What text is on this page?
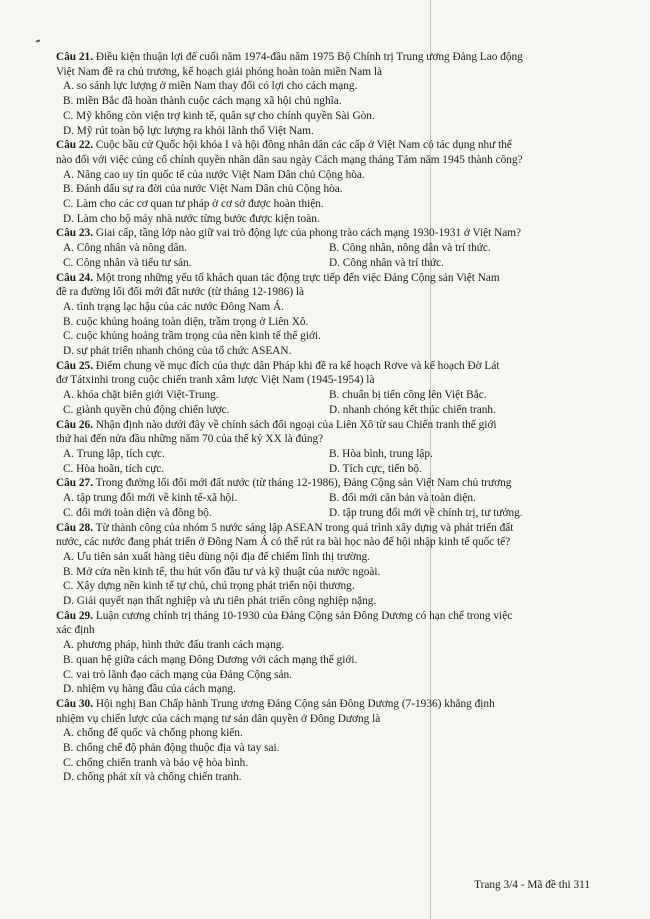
Câu 21. Điều kiện thuận lợi để cuối năm 1974-đầu năm 1975 Bộ Chính trị Trung ương Đảng Lao động
Việt Nam đề ra chủ trương, kế hoạch giải phóng hoàn toàn miền Nam là
A. so sánh lực lượng ở miền Nam thay đổi có lợi cho cách mạng.
B. miền Bắc đã hoàn thành cuộc cách mạng xã hội chủ nghĩa.
C. Mỹ không còn viện trợ kinh tế, quân sự cho chính quyền Sài Gòn.
D. Mỹ rút toàn bộ lực lượng ra khỏi lãnh thổ Việt Nam.
Câu 22. Cuộc bầu cử Quốc hội khóa I và hội đồng nhân dân các cấp ở Việt Nam có tác dụng như thế
nào đối với việc củng cố chính quyền nhân dân sau ngày Cách mạng tháng Tám năm 1945 thành công?
A. Nâng cao uy tín quốc tế của nước Việt Nam Dân chủ Cộng hòa.
B. Đánh dấu sự ra đời của nước Việt Nam Dân chủ Cộng hòa.
C. Làm cho các cơ quan tư pháp ở cơ sở được hoàn thiện.
D. Làm cho bộ máy nhà nước từng bước được kiện toàn.
Câu 23. Giai cấp, tầng lớp nào giữ vai trò động lực của phong trào cách mạng 1930-1931 ở Việt Nam?
A. Công nhân và nông dân.	B. Công nhân, nông dân và trí thức.
C. Công nhân và tiểu tư sản.	D. Công nhân và trí thức.
Câu 24. Một trong những yếu tố khách quan tác động trực tiếp đến việc Đảng Cộng sản Việt Nam
đề ra đường lối đổi mới đất nước (từ tháng 12-1986) là
A. tình trạng lạc hậu của các nước Đông Nam Á.
B. cuộc khủng hoảng toàn diện, trầm trọng ở Liên Xô.
C. cuộc khủng hoảng trầm trọng của nền kinh tế thế giới.
D. sự phát triển nhanh chóng của tổ chức ASEAN.
Câu 25. Điểm chung về mục đích của thực dân Pháp khi đề ra kế hoạch Rơve và kế hoạch Đờ Lát
đơ Tátxinhi trong cuộc chiến tranh xâm lược Việt Nam (1945-1954) là
A. khóa chặt biên giới Việt-Trung.	B. chuẩn bị tiến công lên Việt Bắc.
C. giành quyền chủ động chiến lược.	D. nhanh chóng kết thúc chiến tranh.
Câu 26. Nhận định nào dưới đây về chính sách đối ngoại của Liên Xô từ sau Chiến tranh thế giới
thứ hai đến nửa đầu những năm 70 của thế kỷ XX là đúng?
A. Trung lập, tích cực.	B. Hòa bình, trung lập.
C. Hòa hoãn, tích cực.	D. Tích cực, tiến bộ.
Câu 27. Trong đường lối đổi mới đất nước (từ tháng 12-1986), Đảng Cộng sản Việt Nam chủ trương
A. tập trung đổi mới về kinh tế-xã hội.	B. đổi mới căn bản và toàn diện.
C. đổi mới toàn diện và đồng bộ.	D. tập trung đổi mới về chính trị, tư tưởng.
Câu 28. Từ thành công của nhóm 5 nước sáng lập ASEAN trong quá trình xây dựng và phát triển đất
nước, các nước đang phát triển ở Đông Nam Á có thể rút ra bài học nào để hội nhập kinh tế quốc tế?
A. Ưu tiên sản xuất hàng tiêu dùng nội địa để chiếm lĩnh thị trường.
B. Mở cửa nền kinh tế, thu hút vốn đầu tư và kỹ thuật của nước ngoài.
C. Xây dựng nền kinh tế tự chủ, chú trọng phát triển nội thương.
D. Giải quyết nạn thất nghiệp và ưu tiên phát triển công nghiệp nặng.
Câu 29. Luận cương chính trị tháng 10-1930 của Đảng Cộng sản Đông Dương có hạn chế trong việc
xác định
A. phương pháp, hình thức đấu tranh cách mạng.
B. quan hệ giữa cách mạng Đông Dương với cách mạng thế giới.
C. vai trò lãnh đạo cách mạng của Đảng Cộng sản.
D. nhiệm vụ hàng đầu của cách mạng.
Câu 30. Hội nghị Ban Chấp hành Trung ương Đảng Cộng sản Đông Dương (7-1936) khẳng định
nhiệm vụ chiến lược của cách mạng tư sản dân quyền ở Đông Dương là
A. chống đế quốc và chống phong kiến.
B. chống chế độ phản động thuộc địa và tay sai.
C. chống chiến tranh và bảo vệ hòa bình.
D. chống phát xít và chống chiến tranh.
Trang 3/4 - Mã đề thi 311
